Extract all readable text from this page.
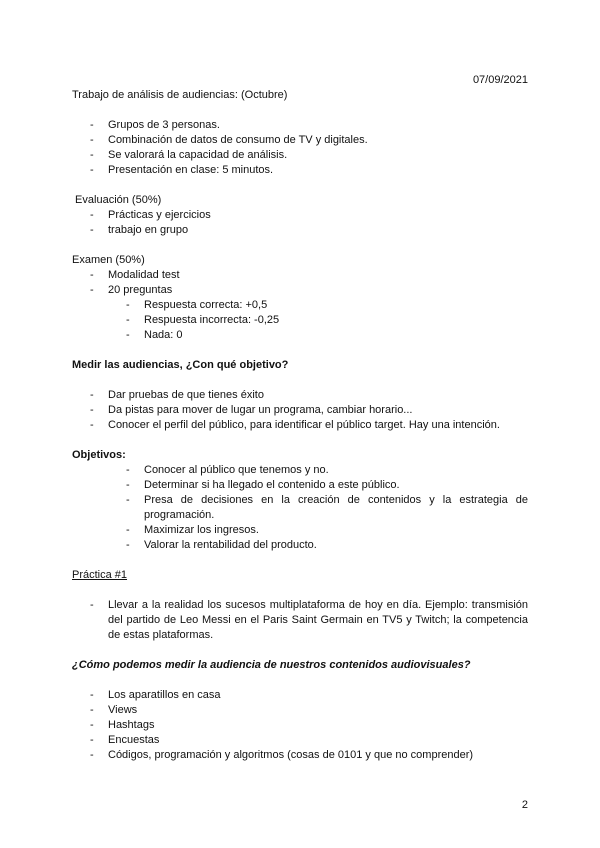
07/09/2021

Trabajo de análisis de audiencias: (Octubre)

- Grupos de 3 personas.
- Combinación de datos de consumo de TV y digitales.
- Se valorará la capacidad de análisis.
- Presentación en clase: 5 minutos.

Evaluación (50%)

- Prácticas y ejercicios
- trabajo en grupo

Examen (50%)

- Modalidad test
- 20 preguntas
- Respuesta correcta: +0,5
- Respuesta incorrecta: -0,25
- Nada: 0

Medir las audiencias, ¿Con qué objetivo?

- Dar pruebas de que tienes éxito
- Da pistas para mover de lugar un programa, cambiar horario...
- Conocer el perfil del público, para identificar el público target. Hay una intención.

Objetivos:

- Conocer al público que tenemos y no.
- Determinar si ha llegado el contenido a este público.
- Presa de decisiones en la creación de contenidos y la estrategia de programación.
- Maximizar los ingresos.
- Valorar la rentabilidad del producto.

Práctica #1

- Llevar a la realidad los sucesos multiplataforma de hoy en día. Ejemplo: transmisión del partido de Leo Messi en el Paris Saint Germain en TV5 y Twitch; la competencia de estas plataformas.

¿Cómo podemos medir la audiencia de nuestros contenidos audiovisuales?

- Los aparatillos en casa
- Views
- Hashtags
- Encuestas
- Códigos, programación y algoritmos (cosas de 0101 y que no comprender)
2
